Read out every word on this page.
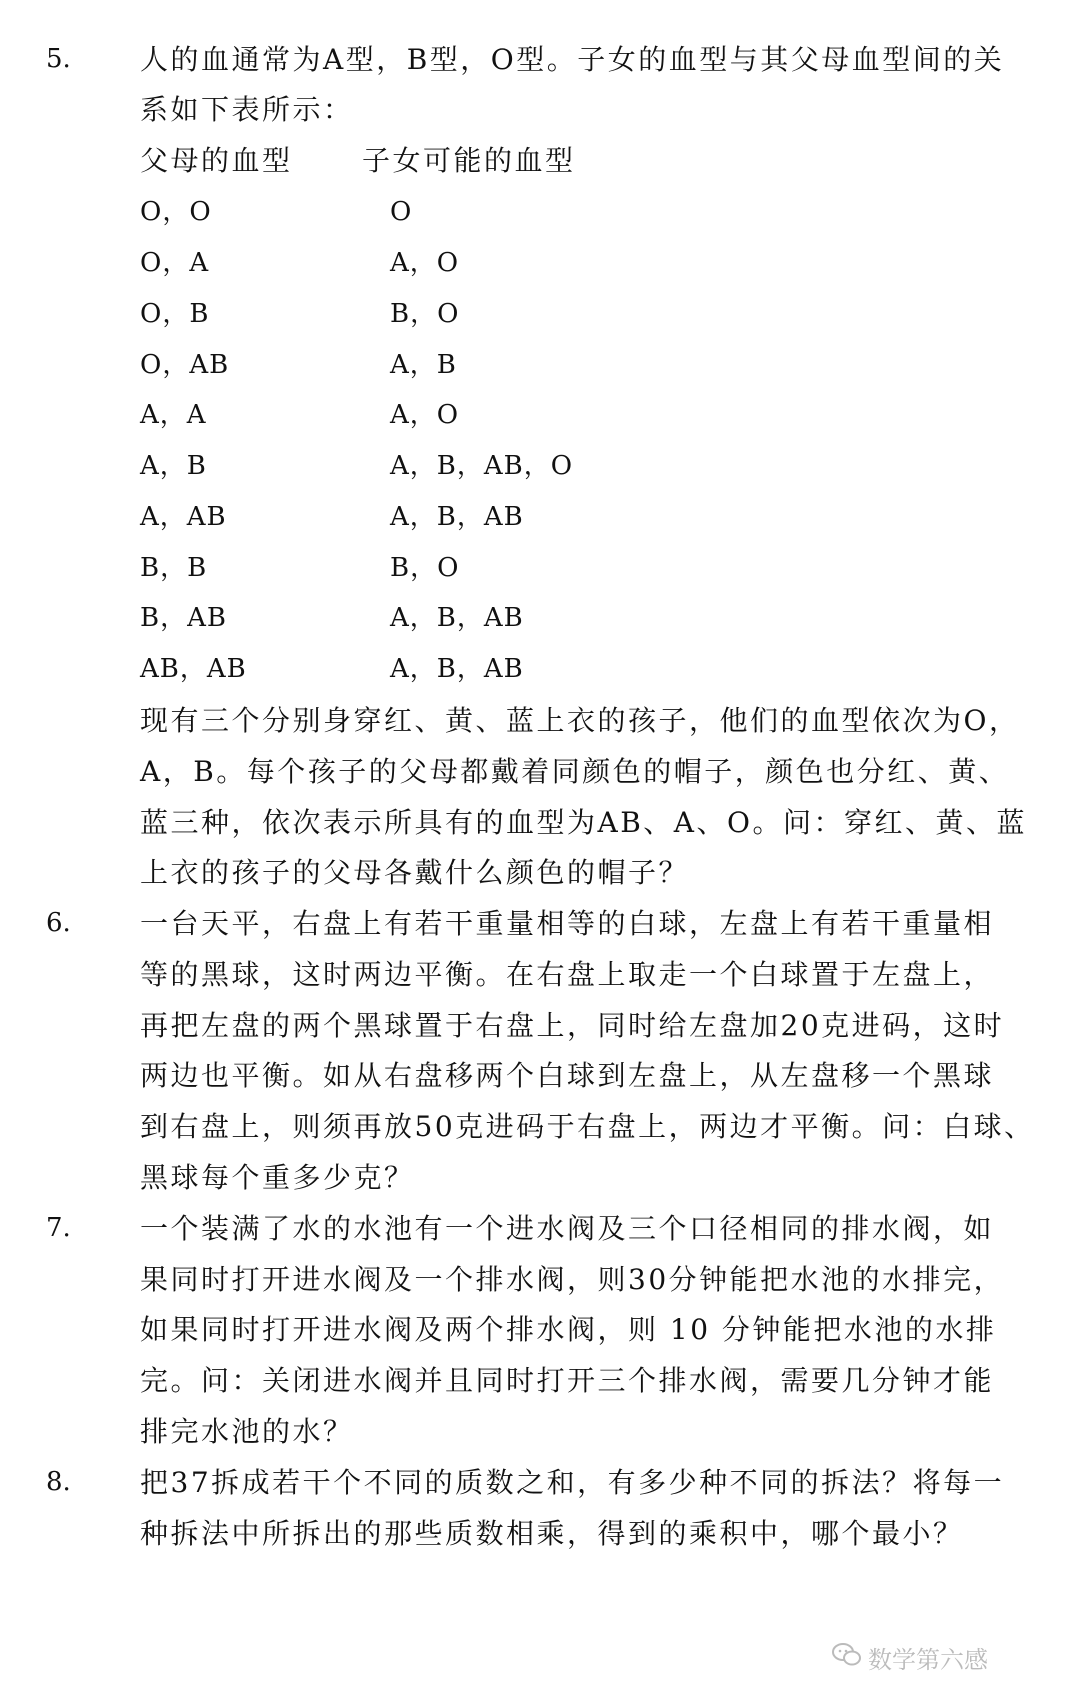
5. 人的血通常为A型，B型，O型。子女的血型与其父母血型间的关
系如下表所示：
父母的血型 子女可能的血型
O，O	O
O，A	A，O
O，B	B，O
O，AB	A，B
A，A	A，O
A，B	A，B，AB，O
A，AB	A，B，AB
B，B	B，O
B，AB	A，B，AB
AB，AB	A，B，AB
现有三个分别身穿红、黄、蓝上衣的孩子，他们的血型依次为O，
A，B。每个孩子的父母都戴着同颜色的帽子，颜色也分红、黄、
蓝三种，依次表示所具有的血型为AB、A、O。问：穿红、黄、蓝
上衣的孩子的父母各戴什么颜色的帽子？
6. 一台天平，右盘上有若干重量相等的白球，左盘上有若干重量相
等的黑球，这时两边平衡。在右盘上取走一个白球置于左盘上，
再把左盘的两个黑球置于右盘上，同时给左盘加20克进码，这时
两边也平衡。如从右盘移两个白球到左盘上，从左盘移一个黑球
到右盘上，则须再放50克进码于右盘上，两边才平衡。问：白球、
黑球每个重多少克？
7. 一个装满了水的水池有一个进水阀及三个口径相同的排水阀，如
果同时打开进水阀及一个排水阀，则30分钟能把水池的水排完，
如果同时打开进水阀及两个排水阀，则 10 分钟能把水池的水排
完。问：关闭进水阀并且同时打开三个排水阀，需要几分钟才能
排完水池的水？
8. 把37拆成若干个不同的质数之和，有多少种不同的拆法？将每一
种拆法中所拆出的那些质数相乘，得到的乘积中，哪个最小？
数学第六感
